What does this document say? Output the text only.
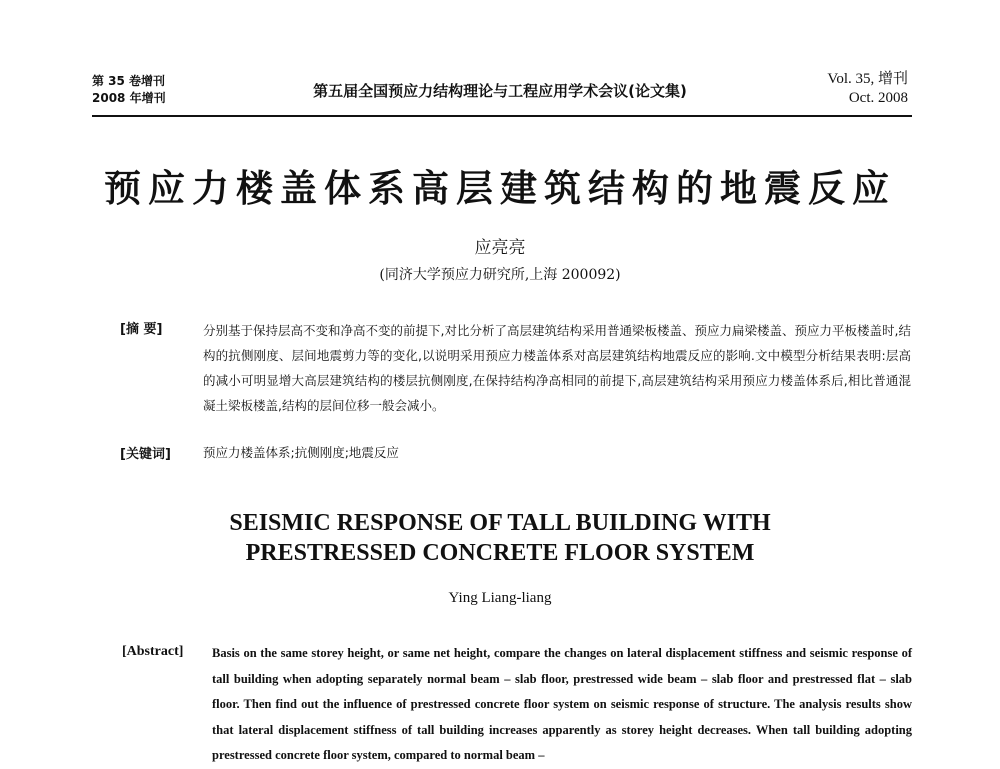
第 35 卷增刊
2008 年增刊	第五届全国预应力结构理论与工程应用学术会议(论文集)
Vol. 35, 增刊
Oct. 2008
预应力楼盖体系高层建筑结构的地震反应
应亮亮
(同济大学预应力研究所,上海 200092)
[摘 要]	分别基于保持层高不变和净高不变的前提下,对比分析了高层建筑结构采用普通梁板楼盖、预应力扁梁楼盖、预应力平板楼盖时,结构的抗侧刚度、层间地震剪力等的变化,以说明采用预应力楼盖体系对高层建筑结构地震反应的影响.文中模型分析结果表明:层高的减小可明显增大高层建筑结构的楼层抗侧刚度,在保持结构净高相同的前提下,高层建筑结构采用预应力楼盖体系后,相比普通混凝土梁板楼盖,结构的层间位移一般会减小。
[关键词]	预应力楼盖体系;抗侧刚度;地震反应
SEISMIC RESPONSE OF TALL BUILDING WITH
PRESTRESSED CONCRETE FLOOR SYSTEM
Ying Liang-liang
[Abstract] Basis on the same storey height, or same net height, compare the changes on lateral displacement stiffness and seismic response of tall building when adopting separately normal beam – slab floor, prestressed wide beam – slab floor and prestressed flat – slab floor. Then find out the influence of prestressed concrete floor system on seismic response of structure. The analysis results show that lateral displacement stiffness of tall building increases apparently as storey height decreases. When tall building adopting prestressed concrete floor system, compared to normal beam –
